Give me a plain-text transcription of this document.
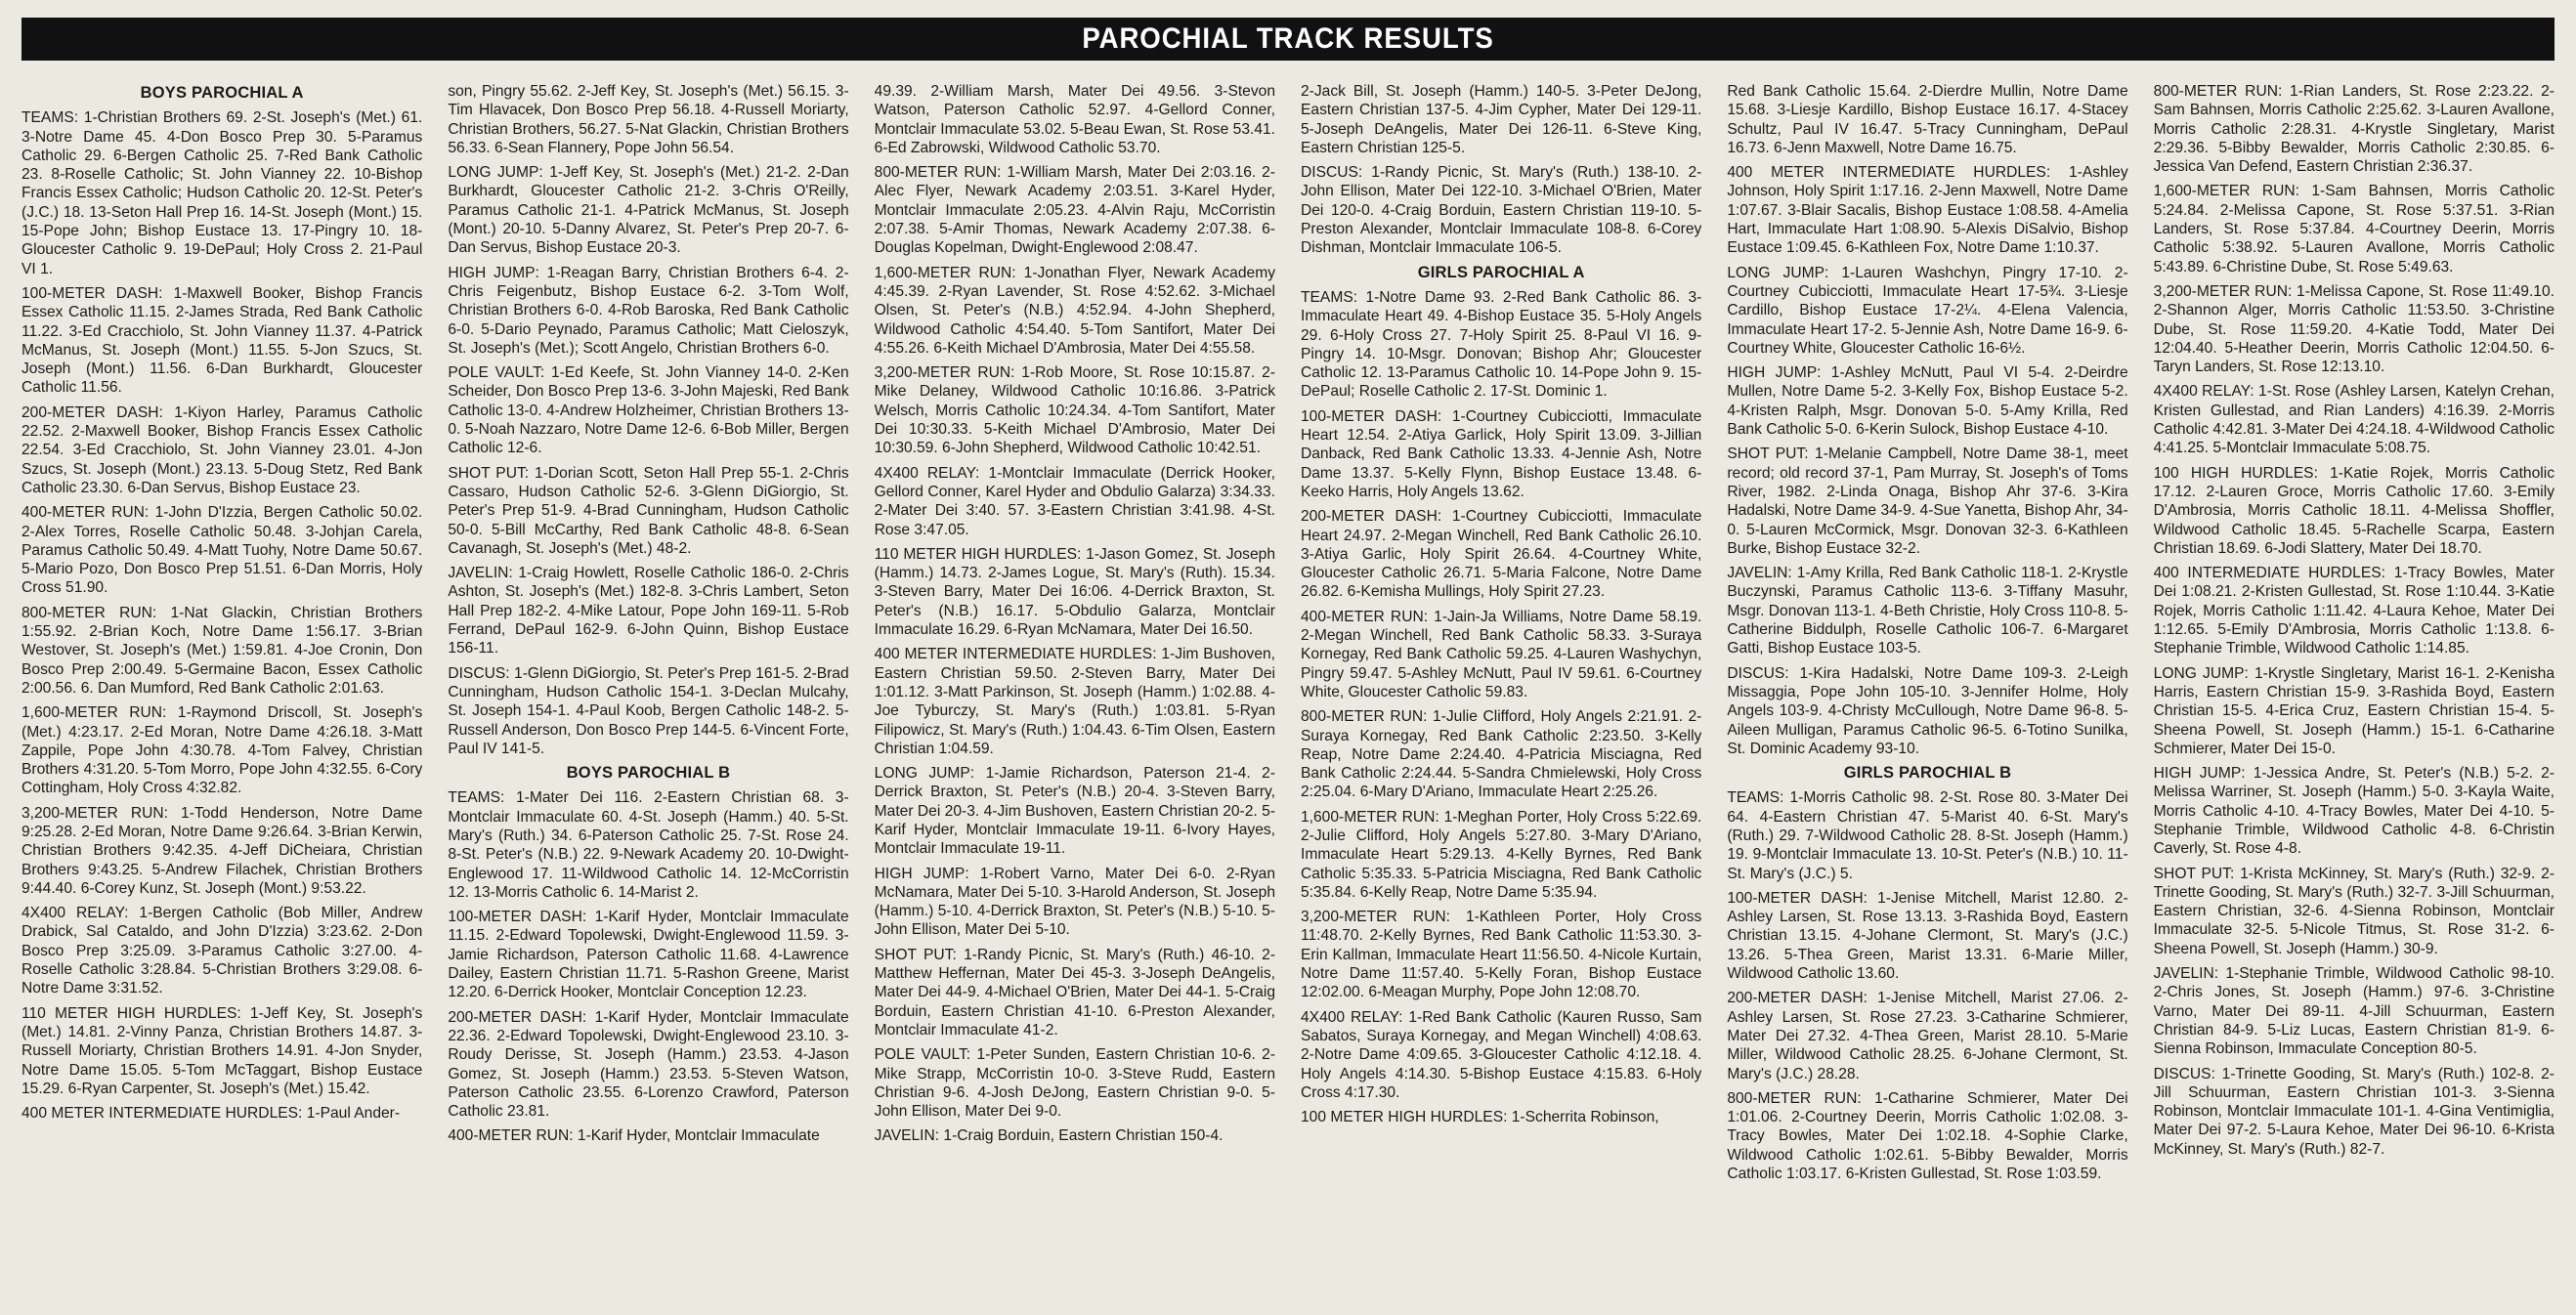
PAROCHIAL TRACK RESULTS
BOYS PAROCHIAL A

TEAMS: 1-Christian Brothers 69. 2-St. Joseph's (Met.) 61. 3-Notre Dame 45. 4-Don Bosco Prep 30. 5-Paramus Catholic 29. 6-Bergen Catholic 25. 7-Red Bank Catholic 23. 8-Roselle Catholic; St. John Vianney 22. 10-Bishop Francis Essex Catholic; Hudson Catholic 20. 12-St. Peter's (J.C.) 18. 13-Seton Hall Prep 16. 14-St. Joseph (Mont.) 15. 15-Pope John; Bishop Eustace 13. 17-Pingry 10. 18-Gloucester Catholic 9. 19-DePaul; Holy Cross 2. 21-Paul VI 1.

100-METER DASH: 1-Maxwell Booker, Bishop Francis Essex Catholic 11.15. 2-James Strada, Red Bank Catholic 11.22. 3-Ed Cracchiolo, St. John Vianney 11.37. 4-Patrick McManus, St. Joseph (Mont.) 11.55. 5-Jon Szucs, St. Joseph (Mont.) 11.56. 6-Dan Burkhardt, Gloucester Catholic 11.56.

200-METER DASH: 1-Kiyon Harley, Paramus Catholic 22.52. 2-Maxwell Booker, Bishop Francis Essex Catholic 22.54. 3-Ed Cracchiolo, St. John Vianney 23.01. 4-Jon Szucs, St. Joseph (Mont.) 23.13. 5-Doug Stetz, Red Bank Catholic 23.30. 6-Dan Servus, Bishop Eustace 23.

400-METER RUN: 1-John D'Izzia, Bergen Catholic 50.02. 2-Alex Torres, Roselle Catholic 50.48. 3-Johjan Carela, Paramus Catholic 50.49. 4-Matt Tuohy, Notre Dame 50.67. 5-Mario Pozo, Don Bosco Prep 51.51. 6-Dan Morris, Holy Cross 51.90.

800-METER RUN: 1-Nat Glackin, Christian Brothers 1:55.92. 2-Brian Koch, Notre Dame 1:56.17. 3-Brian Westover, St. Joseph's (Met.) 1:59.81. 4-Joe Cronin, Don Bosco Prep 2:00.49. 5-Germaine Bacon, Essex Catholic 2:00.56. 6. Dan Mumford, Red Bank Catholic 2:01.63.

1,600-METER RUN: 1-Raymond Driscoll, St. Joseph's (Met.) 4:23.17. 2-Ed Moran, Notre Dame 4:26.18. 3-Matt Zappile, Pope John 4:30.78. 4-Tom Falvey, Christian Brothers 4:31.20. 5-Tom Morro, Pope John 4:32.55. 6-Cory Cottingham, Holy Cross 4:32.82.

3,200-METER RUN: 1-Todd Henderson, Notre Dame 9:25.28. 2-Ed Moran, Notre Dame 9:26.64. 3-Brian Kerwin, Christian Brothers 9:42.35. 4-Jeff DiCheiara, Christian Brothers 9:43.25. 5-Andrew Filachek, Christian Brothers 9:44.40. 6-Corey Kunz, St. Joseph (Mont.) 9:53.22.

4X400 RELAY: 1-Bergen Catholic (Bob Miller, Andrew Drabick, Sal Cataldo, and John D'Izzia) 3:23.62. 2-Don Bosco Prep 3:25.09. 3-Paramus Catholic 3:27.00. 4-Roselle Catholic 3:28.84. 5-Christian Brothers 3:29.08. 6-Notre Dame 3:31.52.

110 METER HIGH HURDLES: 1-Jeff Key, St. Joseph's (Met.) 14.81. 2-Vinny Panza, Christian Brothers 14.87. 3-Russell Moriarty, Christian Brothers 14.91. 4-Jon Snyder, Notre Dame 15.05. 5-Tom McTaggart, Bishop Eustace 15.29. 6-Ryan Carpenter, St. Joseph's (Met.) 15.42.

400 METER INTERMEDIATE HURDLES: 1-Paul Ander-

son, Pingry 55.62. 2-Jeff Key, St. Joseph's (Met.) 56.15. 3-Tim Hlavacek, Don Bosco Prep 56.18. 4-Russell Moriarty, Christian Brothers, 56.27. 5-Nat Glackin, Christian Brothers 56.33. 6-Sean Flannery, Pope John 56.54.

LONG JUMP: 1-Jeff Key, St. Joseph's (Met.) 21-2. 2-Dan Burkhardt, Gloucester Catholic 21-2. 3-Chris O'Reilly, Paramus Catholic 21-1. 4-Patrick McManus, St. Joseph (Mont.) 20-10. 5-Danny Alvarez, St. Peter's Prep 20-7. 6-Dan Servus, Bishop Eustace 20-3.

HIGH JUMP: 1-Reagan Barry, Christian Brothers 6-4. 2-Chris Feigenbutz, Bishop Eustace 6-2. 3-Tom Wolf, Christian Brothers 6-0. 4-Rob Baroska, Red Bank Catholic 6-0. 5-Dario Peynado, Paramus Catholic; Matt Cieloszyk, St. Joseph's (Met.); Scott Angelo, Christian Brothers 6-0.

POLE VAULT: 1-Ed Keefe, St. John Vianney 14-0. 2-Ken Scheider, Don Bosco Prep 13-6. 3-John Majeski, Red Bank Catholic 13-0. 4-Andrew Holzheimer, Christian Brothers 13-0. 5-Noah Nazzaro, Notre Dame 12-6. 6-Bob Miller, Bergen Catholic 12-6.

SHOT PUT: 1-Dorian Scott, Seton Hall Prep 55-1. 2-Chris Cassaro, Hudson Catholic 52-6. 3-Glenn DiGiorgio, St. Peter's Prep 51-9. 4-Brad Cunningham, Hudson Catholic 50-0. 5-Bill McCarthy, Red Bank Catholic 48-8. 6-Sean Cavanagh, St. Joseph's (Met.) 48-2.

JAVELIN: 1-Craig Howlett, Roselle Catholic 186-0. 2-Chris Ashton, St. Joseph's (Met.) 182-8. 3-Chris Lambert, Seton Hall Prep 182-2. 4-Mike Latour, Pope John 169-11. 5-Rob Ferrand, DePaul 162-9. 6-John Quinn, Bishop Eustace 156-11.

DISCUS: 1-Glenn DiGiorgio, St. Peter's Prep 161-5. 2-Brad Cunningham, Hudson Catholic 154-1. 3-Declan Mulcahy, St. Joseph 154-1. 4-Paul Koob, Bergen Catholic 148-2. 5-Russell Anderson, Don Bosco Prep 144-5. 6-Vincent Forte, Paul IV 141-5.

BOYS PAROCHIAL B

TEAMS: 1-Mater Dei 116. 2-Eastern Christian 68. 3-Montclair Immaculate 60. 4-St. Joseph (Hamm.) 40. 5-St. Mary's (Ruth.) 34. 6-Paterson Catholic 25. 7-St. Rose 24. 8-St. Peter's (N.B.) 22. 9-Newark Academy 20. 10-Dwight-Englewood 17. 11-Wildwood Catholic 14. 12-McCorristin 12. 13-Morris Catholic 6. 14-Marist 2.

100-METER DASH: 1-Karif Hyder, Montclair Immaculate 11.15. 2-Edward Topolewski, Dwight-Englewood 11.59. 3-Jamie Richardson, Paterson Catholic 11.68. 4-Lawrence Dailey, Eastern Christian 11.71. 5-Rashon Greene, Marist 12.20. 6-Derrick Hooker, Montclair Conception 12.23.

200-METER DASH: 1-Karif Hyder, Montclair Immaculate 22.36. 2-Edward Topolewski, Dwight-Englewood 23.10. 3-Roudy Derisse, St. Joseph (Hamm.) 23.53. 4-Jason Gomez, St. Joseph (Hamm.) 23.53. 5-Steven Watson, Paterson Catholic 23.55. 6-Lorenzo Crawford, Paterson Catholic 23.81.

400-METER RUN: 1-Karif Hyder, Montclair Immaculate

49.39. 2-William Marsh, Mater Dei 49.56. 3-Stevon Watson, Paterson Catholic 52.97. 4-Gellord Conner, Montclair Immaculate 53.02. 5-Beau Ewan, St. Rose 53.41. 6-Ed Zabrowski, Wildwood Catholic 53.70.

800-METER RUN: 1-William Marsh, Mater Dei 2:03.16. 2-Alec Flyer, Newark Academy 2:03.51. 3-Karel Hyder, Montclair Immaculate 2:05.23. 4-Alvin Raju, McCorristin 2:07.38. 5-Amir Thomas, Newark Academy 2:07.38. 6-Douglas Kopelman, Dwight-Englewood 2:08.47.

1,600-METER RUN: 1-Jonathan Flyer, Newark Academy 4:45.39. 2-Ryan Lavender, St. Rose 4:52.62. 3-Michael Olsen, St. Peter's (N.B.) 4:52.94. 4-John Shepherd, Wildwood Catholic 4:54.40. 5-Tom Santifort, Mater Dei 4:55.26. 6-Keith Michael D'Ambrosia, Mater Dei 4:55.58.

3,200-METER RUN: 1-Rob Moore, St. Rose 10:15.87. 2-Mike Delaney, Wildwood Catholic 10:16.86. 3-Patrick Welsch, Morris Catholic 10:24.34. 4-Tom Santifort, Mater Dei 10:30.33. 5-Keith Michael D'Ambrosio, Mater Dei 10:30.59. 6-John Shepherd, Wildwood Catholic 10:42.51.

4X400 RELAY: 1-Montclair Immaculate (Derrick Hooker, Gellord Conner, Karel Hyder and Obdulio Galarza) 3:34.33. 2-Mater Dei 3:40. 57. 3-Eastern Christian 3:41.98. 4-St. Rose 3:47.05.

110 METER HIGH HURDLES: 1-Jason Gomez, St. Joseph (Hamm.) 14.73. 2-James Logue, St. Mary's (Ruth). 15.34. 3-Steven Barry, Mater Dei 16:06. 4-Derrick Braxton, St. Peter's (N.B.) 16.17. 5-Obdulio Galarza, Montclair Immaculate 16.29. 6-Ryan McNamara, Mater Dei 16.50.

400 METER INTERMEDIATE HURDLES: 1-Jim Bushoven, Eastern Christian 59.50. 2-Steven Barry, Mater Dei 1:01.12. 3-Matt Parkinson, St. Joseph (Hamm.) 1:02.88. 4-Joe Tyburczy, St. Mary's (Ruth.) 1:03.81. 5-Ryan Filipowicz, St. Mary's (Ruth.) 1:04.43. 6-Tim Olsen, Eastern Christian 1:04.59.

LONG JUMP: 1-Jamie Richardson, Paterson 21-4. 2-Derrick Braxton, St. Peter's (N.B.) 20-4. 3-Steven Barry, Mater Dei 20-3. 4-Jim Bushoven, Eastern Christian 20-2. 5-Karif Hyder, Montclair Immaculate 19-11. 6-Ivory Hayes, Montclair Immaculate 19-11.

HIGH JUMP: 1-Robert Varno, Mater Dei 6-0. 2-Ryan McNamara, Mater Dei 5-10. 3-Harold Anderson, St. Joseph (Hamm.) 5-10. 4-Derrick Braxton, St. Peter's (N.B.) 5-10. 5-John Ellison, Mater Dei 5-10.

SHOT PUT: 1-Randy Picnic, St. Mary's (Ruth.) 46-10. 2-Matthew Heffernan, Mater Dei 45-3. 3-Joseph DeAngelis, Mater Dei 44-9. 4-Michael O'Brien, Mater Dei 44-1. 5-Craig Borduin, Eastern Christian 41-10. 6-Preston Alexander, Montclair Immaculate 41-2.

POLE VAULT: 1-Peter Sunden, Eastern Christian 10-6. 2-Mike Strapp, McCorristin 10-0. 3-Steve Rudd, Eastern Christian 9-6. 4-Josh DeJong, Eastern Christian 9-0. 5-John Ellison, Mater Dei 9-0.

JAVELIN: 1-Craig Borduin, Eastern Christian 150-4.

2-Jack Bill, St. Joseph (Hamm.) 140-5. 3-Peter DeJong, Eastern Christian 137-5. 4-Jim Cypher, Mater Dei 129-11. 5-Joseph DeAngelis, Mater Dei 126-11. 6-Steve King, Eastern Christian 125-5.

DISCUS: 1-Randy Picnic, St. Mary's (Ruth.) 138-10. 2-John Ellison, Mater Dei 122-10. 3-Michael O'Brien, Mater Dei 120-0. 4-Craig Borduin, Eastern Christian 119-10. 5-Preston Alexander, Montclair Immaculate 108-8. 6-Corey Dishman, Montclair Immaculate 106-5.

GIRLS PAROCHIAL A

TEAMS: 1-Notre Dame 93. 2-Red Bank Catholic 86. 3-Immaculate Heart 49. 4-Bishop Eustace 35. 5-Holy Angels 29. 6-Holy Cross 27. 7-Holy Spirit 25. 8-Paul VI 16. 9-Pingry 14. 10-Msgr. Donovan; Bishop Ahr; Gloucester Catholic 12. 13-Paramus Catholic 10. 14-Pope John 9. 15-DePaul; Roselle Catholic 2. 17-St. Dominic 1.

100-METER DASH: 1-Courtney Cubicciotti, Immaculate Heart 12.54. 2-Atiya Garlick, Holy Spirit 13.09. 3-Jillian Danback, Red Bank Catholic 13.33. 4-Jennie Ash, Notre Dame 13.37. 5-Kelly Flynn, Bishop Eustace 13.48. 6-Keeko Harris, Holy Angels 13.62.

200-METER DASH: 1-Courtney Cubicciotti, Immaculate Heart 24.97. 2-Megan Winchell, Red Bank Catholic 26.10. 3-Atiya Garlic, Holy Spirit 26.64. 4-Courtney White, Gloucester Catholic 26.71. 5-Maria Falcone, Notre Dame 26.82. 6-Kemisha Mullings, Holy Spirit 27.23.

400-METER RUN: 1-Jain-Ja Williams, Notre Dame 58.19. 2-Megan Winchell, Red Bank Catholic 58.33. 3-Suraya Kornegay, Red Bank Catholic 59.25. 4-Lauren Washychyn, Pingry 59.47. 5-Ashley McNutt, Paul IV 59.61. 6-Courtney White, Gloucester Catholic 59.83.

800-METER RUN: 1-Julie Clifford, Holy Angels 2:21.91. 2-Suraya Kornegay, Red Bank Catholic 2:23.50. 3-Kelly Reap, Notre Dame 2:24.40. 4-Patricia Misciagna, Red Bank Catholic 2:24.44. 5-Sandra Chmielewski, Holy Cross 2:25.04. 6-Mary D'Ariano, Immaculate Heart 2:25.26.

1,600-METER RUN: 1-Meghan Porter, Holy Cross 5:22.69. 2-Julie Clifford, Holy Angels 5:27.80. 3-Mary D'Ariano, Immaculate Heart 5:29.13. 4-Kelly Byrnes, Red Bank Catholic 5:35.33. 5-Patricia Misciagna, Red Bank Catholic 5:35.84. 6-Kelly Reap, Notre Dame 5:35.94.

3,200-METER RUN: 1-Kathleen Porter, Holy Cross 11:48.70. 2-Kelly Byrnes, Red Bank Catholic 11:53.30. 3-Erin Kallman, Immaculate Heart 11:56.50. 4-Nicole Kurtain, Notre Dame 11:57.40. 5-Kelly Foran, Bishop Eustace 12:02.00. 6-Meagan Murphy, Pope John 12:08.70.

4X400 RELAY: 1-Red Bank Catholic (Kauren Russo, Sam Sabatos, Suraya Kornegay, and Megan Winchell) 4:08.63. 2-Notre Dame 4:09.65. 3-Gloucester Catholic 4:12.18. 4. Holy Angels 4:14.30. 5-Bishop Eustace 4:15.83. 6-Holy Cross 4:17.30.

100 METER HIGH HURDLES: 1-Scherrita Robinson,

Red Bank Catholic 15.64. 2-Dierdre Mullin, Notre Dame 15.68. 3-Liesje Kardillo, Bishop Eustace 16.17. 4-Stacey Schultz, Paul IV 16.47. 5-Tracy Cunningham, DePaul 16.73. 6-Jenn Maxwell, Notre Dame 16.75.

400 METER INTERMEDIATE HURDLES: 1-Ashley Johnson, Holy Spirit 1:17.16. 2-Jenn Maxwell, Notre Dame 1:07.67. 3-Blair Sacalis, Bishop Eustace 1:08.58. 4-Amelia Hart, Immaculate Hart 1:08.90. 5-Alexis DiSalvio, Bishop Eustace 1:09.45. 6-Kathleen Fox, Notre Dame 1:10.37.

LONG JUMP: 1-Lauren Washchyn, Pingry 17-10. 2-Courtney Cubicciotti, Immaculate Heart 17-5¾. 3-Liesje Cardillo, Bishop Eustace 17-2¼. 4-Elena Valencia, Immaculate Heart 17-2. 5-Jennie Ash, Notre Dame 16-9. 6-Courtney White, Gloucester Catholic 16-6½.

HIGH JUMP: 1-Ashley McNutt, Paul VI 5-4. 2-Deirdre Mullen, Notre Dame 5-2. 3-Kelly Fox, Bishop Eustace 5-2. 4-Kristen Ralph, Msgr. Donovan 5-0. 5-Amy Krilla, Red Bank Catholic 5-0. 6-Kerin Sulock, Bishop Eustace 4-10.

SHOT PUT: 1-Melanie Campbell, Notre Dame 38-1, meet record; old record 37-1, Pam Murray, St. Joseph's of Toms River, 1982. 2-Linda Onaga, Bishop Ahr 37-6. 3-Kira Hadalski, Notre Dame 34-9. 4-Sue Yanetta, Bishop Ahr, 34-0. 5-Lauren McCormick, Msgr. Donovan 32-3. 6-Kathleen Burke, Bishop Eustace 32-2.

JAVELIN: 1-Amy Krilla, Red Bank Catholic 118-1. 2-Krystle Buczynski, Paramus Catholic 113-6. 3-Tiffany Masuhr, Msgr. Donovan 113-1. 4-Beth Christie, Holy Cross 110-8. 5-Catherine Biddulph, Roselle Catholic 106-7. 6-Margaret Gatti, Bishop Eustace 103-5.

DISCUS: 1-Kira Hadalski, Notre Dame 109-3. 2-Leigh Missaggia, Pope John 105-10. 3-Jennifer Holme, Holy Angels 103-9. 4-Christy McCullough, Notre Dame 96-8. 5-Aileen Mulligan, Paramus Catholic 96-5. 6-Totino Sunilka, St. Dominic Academy 93-10.

GIRLS PAROCHIAL B

TEAMS: 1-Morris Catholic 98. 2-St. Rose 80. 3-Mater Dei 64. 4-Eastern Christian 47. 5-Marist 40. 6-St. Mary's (Ruth.) 29. 7-Wildwood Catholic 28. 8-St. Joseph (Hamm.) 19. 9-Montclair Immaculate 13. 10-St. Peter's (N.B.) 10. 11-St. Mary's (J.C.) 5.

100-METER DASH: 1-Jenise Mitchell, Marist 12.80. 2-Ashley Larsen, St. Rose 13.13. 3-Rashida Boyd, Eastern Christian 13.15. 4-Johane Clermont, St. Mary's (J.C.) 13.26. 5-Thea Green, Marist 13.31. 6-Marie Miller, Wildwood Catholic 13.60.

200-METER DASH: 1-Jenise Mitchell, Marist 27.06. 2-Ashley Larsen, St. Rose 27.23. 3-Catharine Schmierer, Mater Dei 27.32. 4-Thea Green, Marist 28.10. 5-Marie Miller, Wildwood Catholic 28.25. 6-Johane Clermont, St. Mary's (J.C.) 28.28.

800-METER RUN: 1-Catharine Schmierer, Mater Dei 1:01.06. 2-Courtney Deerin, Morris Catholic 1:02.08. 3-Tracy Bowles, Mater Dei 1:02.18. 4-Sophie Clarke, Wildwood Catholic 1:02.61. 5-Bibby Bewalder, Morris Catholic 1:03.17. 6-Kristen Gullestad, St. Rose 1:03.59.

800-METER RUN: 1-Rian Landers, St. Rose 2:23.22. 2-Sam Bahnsen, Morris Catholic 2:25.62. 3-Lauren Avallone, Morris Catholic 2:28.31. 4-Krystle Singletary, Marist 2:29.36. 5-Bibby Bewalder, Morris Catholic 2:30.85. 6-Jessica Van Defend, Eastern Christian 2:36.37.

1,600-METER RUN: 1-Sam Bahnsen, Morris Catholic 5:24.84. 2-Melissa Capone, St. Rose 5:37.51. 3-Rian Landers, St. Rose 5:37.84. 4-Courtney Deerin, Morris Catholic 5:38.92. 5-Lauren Avallone, Morris Catholic 5:43.89. 6-Christine Dube, St. Rose 5:49.63.

3,200-METER RUN: 1-Melissa Capone, St. Rose 11:49.10. 2-Shannon Alger, Morris Catholic 11:53.50. 3-Christine Dube, St. Rose 11:59.20. 4-Katie Todd, Mater Dei 12:04.40. 5-Heather Deerin, Morris Catholic 12:04.50. 6-Taryn Landers, St. Rose 12:13.10.

4X400 RELAY: 1-St. Rose (Ashley Larsen, Katelyn Crehan, Kristen Gullestad, and Rian Landers) 4:16.39. 2-Morris Catholic 4:42.81. 3-Mater Dei 4:24.18. 4-Wildwood Catholic 4:41.25. 5-Montclair Immaculate 5:08.75.

100 HIGH HURDLES: 1-Katie Rojek, Morris Catholic 17.12. 2-Lauren Groce, Morris Catholic 17.60. 3-Emily D'Ambrosia, Morris Catholic 18.11. 4-Melissa Shoffler, Wildwood Catholic 18.45. 5-Rachelle Scarpa, Eastern Christian 18.69. 6-Jodi Slattery, Mater Dei 18.70.

400 INTERMEDIATE HURDLES: 1-Tracy Bowles, Mater Dei 1:08.21. 2-Kristen Gullestad, St. Rose 1:10.44. 3-Katie Rojek, Morris Catholic 1:11.42. 4-Laura Kehoe, Mater Dei 1:12.65. 5-Emily D'Ambrosia, Morris Catholic 1:13.8. 6-Stephanie Trimble, Wildwood Catholic 1:14.85.

LONG JUMP: 1-Krystle Singletary, Marist 16-1. 2-Kenisha Harris, Eastern Christian 15-9. 3-Rashida Boyd, Eastern Christian 15-5. 4-Erica Cruz, Eastern Christian 15-4. 5-Sheena Powell, St. Joseph (Hamm.) 15-1. 6-Catharine Schmierer, Mater Dei 15-0.

HIGH JUMP: 1-Jessica Andre, St. Peter's (N.B.) 5-2. 2-Melissa Warriner, St. Joseph (Hamm.) 5-0. 3-Kayla Waite, Morris Catholic 4-10. 4-Tracy Bowles, Mater Dei 4-10. 5-Stephanie Trimble, Wildwood Catholic 4-8. 6-Christin Caverly, St. Rose 4-8.

SHOT PUT: 1-Krista McKinney, St. Mary's (Ruth.) 32-9. 2-Trinette Gooding, St. Mary's (Ruth.) 32-7. 3-Jill Schuurman, Eastern Christian, 32-6. 4-Sienna Robinson, Montclair Immaculate 32-5. 5-Nicole Titmus, St. Rose 31-2. 6-Sheena Powell, St. Joseph (Hamm.) 30-9.

JAVELIN: 1-Stephanie Trimble, Wildwood Catholic 98-10. 2-Chris Jones, St. Joseph (Hamm.) 97-6. 3-Christine Varno, Mater Dei 89-11. 4-Jill Schuurman, Eastern Christian 84-9. 5-Liz Lucas, Eastern Christian 81-9. 6-Sienna Robinson, Immaculate Conception 80-5.

DISCUS: 1-Trinette Gooding, St. Mary's (Ruth.) 102-8. 2-Jill Schuurman, Eastern Christian 101-3. 3-Sienna Robinson, Montclair Immaculate 101-1. 4-Gina Ventimiglia, Mater Dei 97-2. 5-Laura Kehoe, Mater Dei 96-10. 6-Krista McKinney, St. Mary's (Ruth.) 82-7.
